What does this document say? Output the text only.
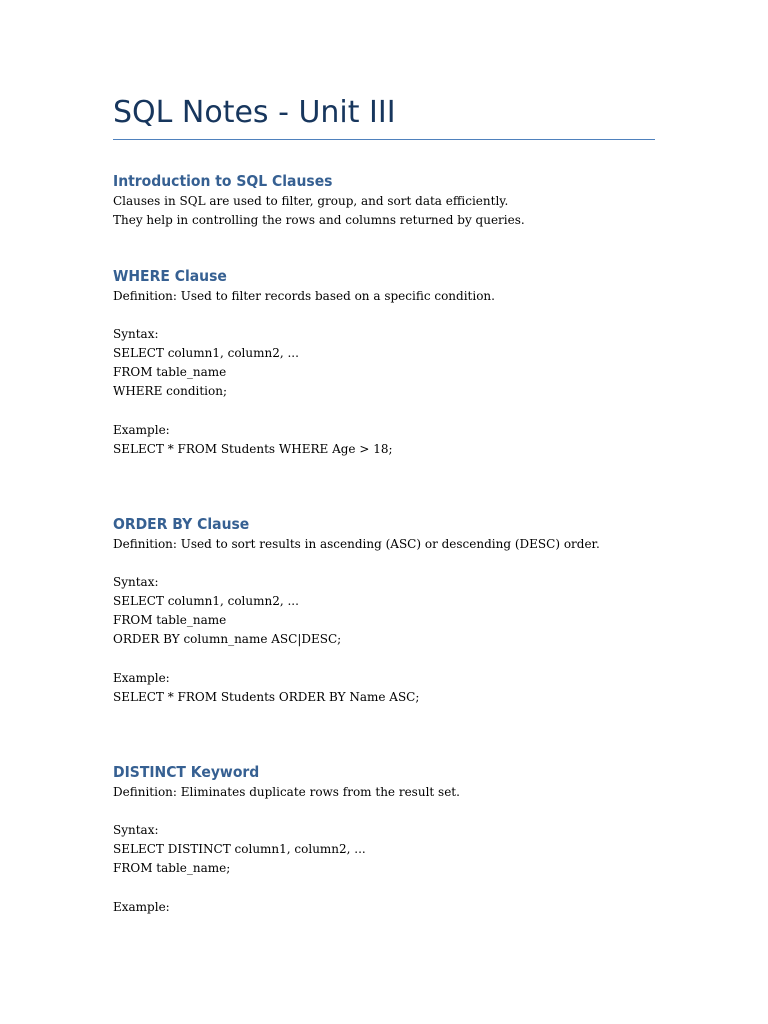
SQL Notes - Unit III
Introduction to SQL Clauses
Clauses in SQL are used to filter, group, and sort data efficiently.
They help in controlling the rows and columns returned by queries.
WHERE Clause
Definition: Used to filter records based on a specific condition.
Syntax:
SELECT column1, column2, ...
FROM table_name
WHERE condition;
Example:
SELECT * FROM Students WHERE Age > 18;
ORDER BY Clause
Definition: Used to sort results in ascending (ASC) or descending (DESC) order.
Syntax:
SELECT column1, column2, ...
FROM table_name
ORDER BY column_name ASC|DESC;
Example:
SELECT * FROM Students ORDER BY Name ASC;
DISTINCT Keyword
Definition: Eliminates duplicate rows from the result set.
Syntax:
SELECT DISTINCT column1, column2, ...
FROM table_name;
Example:
